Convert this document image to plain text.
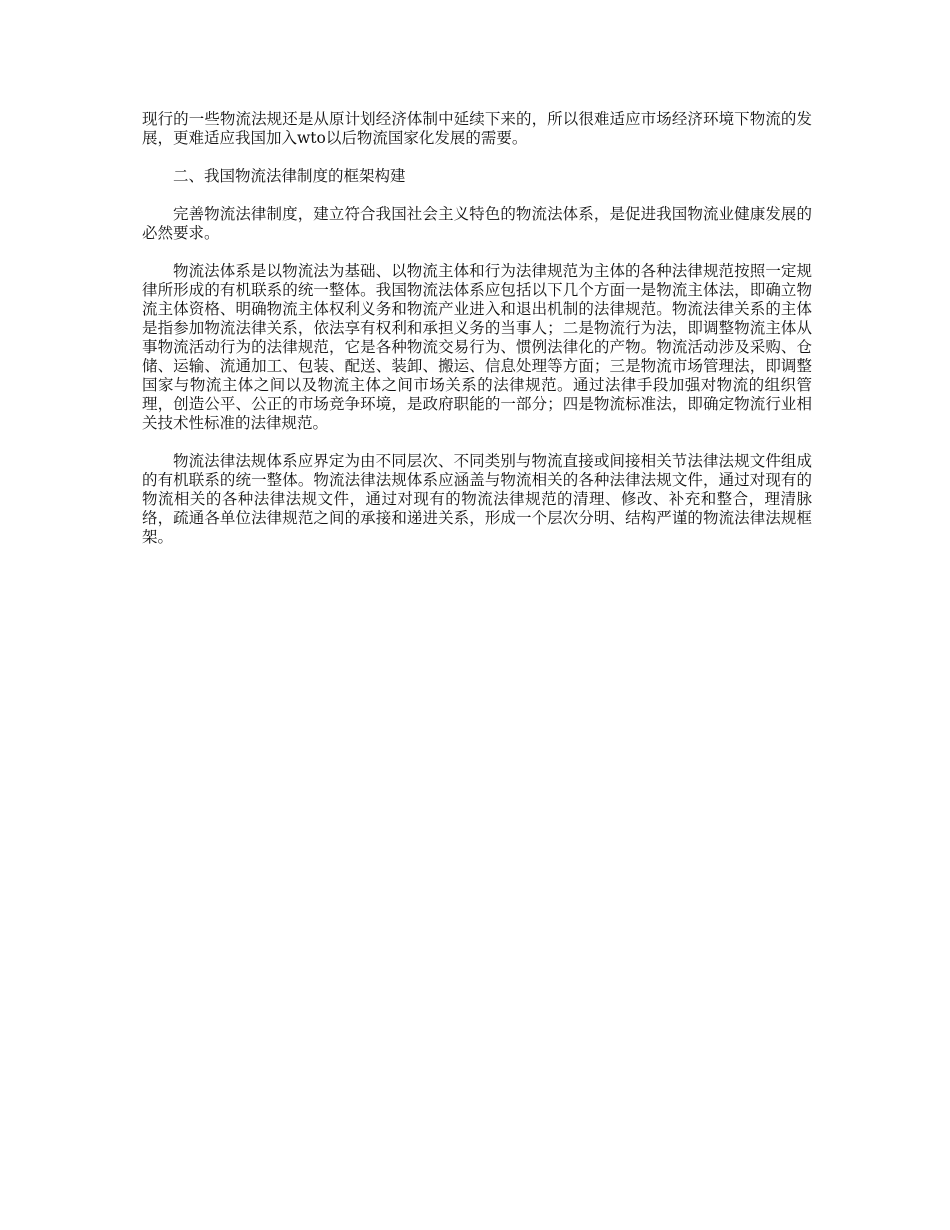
现行的一些物流法规还是从原计划经济体制中延续下来的，所以很难适应市场经济环境下物流的发展，更难适应我国加入wto以后物流国家化发展的需要。

二、我国物流法律制度的框架构建

完善物流法律制度，建立符合我国社会主义特色的物流法体系，是促进我国物流业健康发展的必然要求。

物流法体系是以物流法为基础、以物流主体和行为法律规范为主体的各种法律规范按照一定规律所形成的有机联系的统一整体。我国物流法体系应包括以下几个方面一是物流主体法，即确立物流主体资格、明确物流主体权利义务和物流产业进入和退出机制的法律规范。物流法律关系的主体是指参加物流法律关系，依法享有权利和承担义务的当事人；二是物流行为法，即调整物流主体从事物流活动行为的法律规范，它是各种物流交易行为、惯例法律化的产物。物流活动涉及采购、仓储、运输、流通加工、包装、配送、装卸、搬运、信息处理等方面；三是物流市场管理法，即调整国家与物流主体之间以及物流主体之间市场关系的法律规范。通过法律手段加强对物流的组织管理，创造公平、公正的市场竞争环境，是政府职能的一部分；四是物流标准法，即确定物流行业相关技术性标准的法律规范。

物流法律法规体系应界定为由不同层次、不同类别与物流直接或间接相关节法律法规文件组成的有机联系的统一整体。物流法律法规体系应涵盖与物流相关的各种法律法规文件，通过对现有的物流相关的各种法律法规文件，通过对现有的物流法律规范的清理、修改、补充和整合，理清脉络，疏通各单位法律规范之间的承接和递进关系，形成一个层次分明、结构严谨的物流法律法规框架。
